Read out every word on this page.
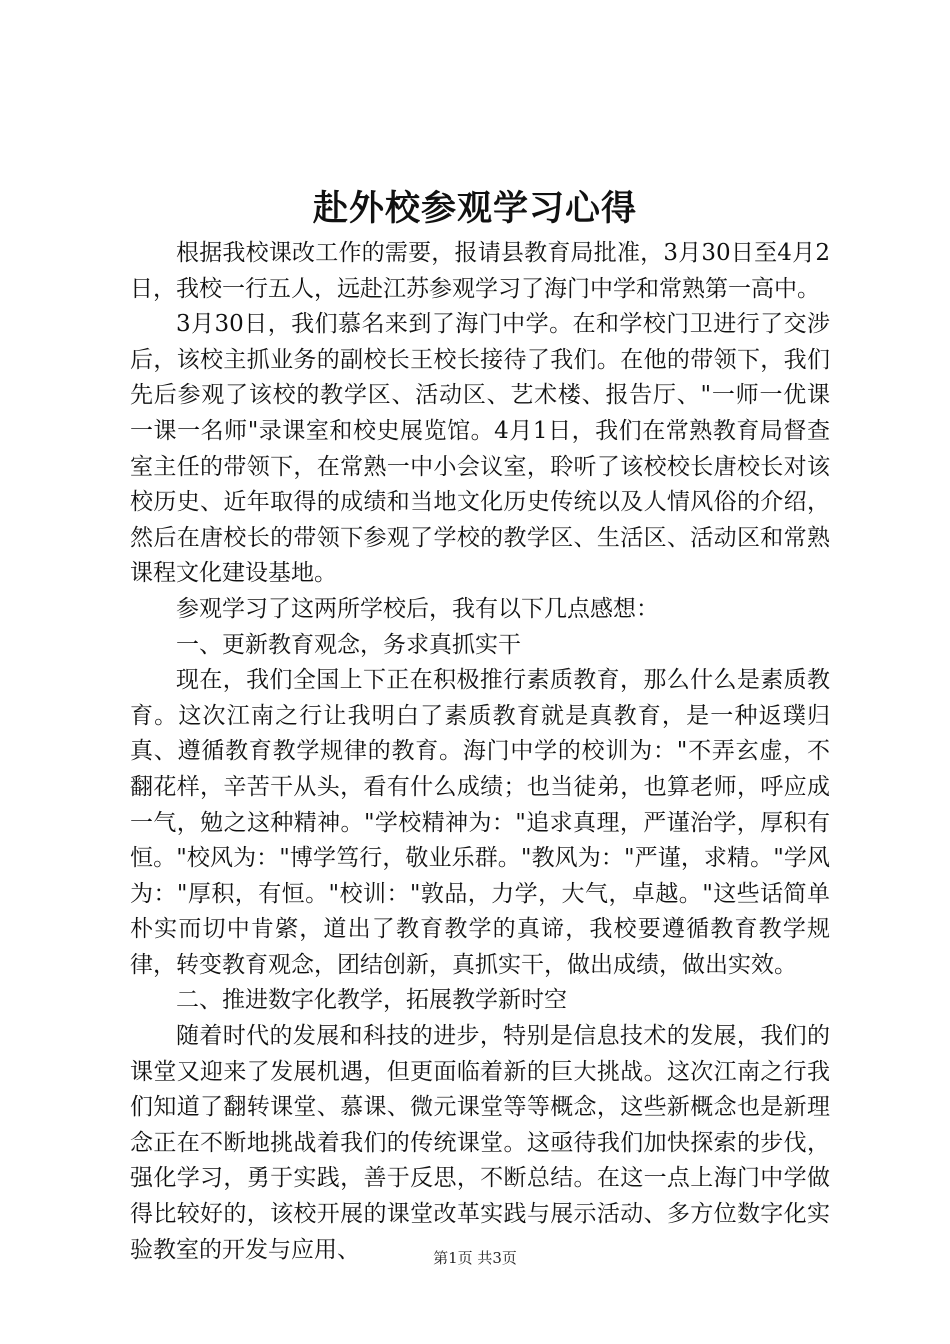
赴外校参观学习心得

根据我校课改工作的需要，报请县教育局批准，3月30日至4月2日，我校一行五人，远赴江苏参观学习了海门中学和常熟第一高中。

3月30日，我们慕名来到了海门中学。在和学校门卫进行了交涉后，该校主抓业务的副校长王校长接待了我们。在他的带领下，我们先后参观了该校的教学区、活动区、艺术楼、报告厅、"一师一优课一课一名师"录课室和校史展览馆。4月1日，我们在常熟教育局督查室主任的带领下，在常熟一中小会议室，聆听了该校校长唐校长对该校历史、近年取得的成绩和当地文化历史传统以及人情风俗的介绍，然后在唐校长的带领下参观了学校的教学区、生活区、活动区和常熟课程文化建设基地。

参观学习了这两所学校后，我有以下几点感想：

一、更新教育观念，务求真抓实干

现在，我们全国上下正在积极推行素质教育，那么什么是素质教育。这次江南之行让我明白了素质教育就是真教育，是一种返璞归真、遵循教育教学规律的教育。海门中学的校训为："不弄玄虚，不翻花样，辛苦干从头，看有什么成绩；也当徒弟，也算老师，呼应成一气，勉之这种精神。"学校精神为："追求真理，严谨治学，厚积有恒。"校风为："博学笃行，敬业乐群。"教风为："严谨，求精。"学风为："厚积，有恒。"校训："敦品，力学，大气，卓越。"这些话简单朴实而切中肯綮，道出了教育教学的真谛，我校要遵循教育教学规律，转变教育观念，团结创新，真抓实干，做出成绩，做出实效。

二、推进数字化教学，拓展教学新时空

随着时代的发展和科技的进步，特别是信息技术的发展，我们的课堂又迎来了发展机遇，但更面临着新的巨大挑战。这次江南之行我们知道了翻转课堂、慕课、微元课堂等等概念，这些新概念也是新理念正在不断地挑战着我们的传统课堂。这亟待我们加快探索的步伐，强化学习，勇于实践，善于反思，不断总结。在这一点上海门中学做得比较好的，该校开展的课堂改革实践与展示活动、多方位数字化实验教室的开发与应用、	第1页 共3页
